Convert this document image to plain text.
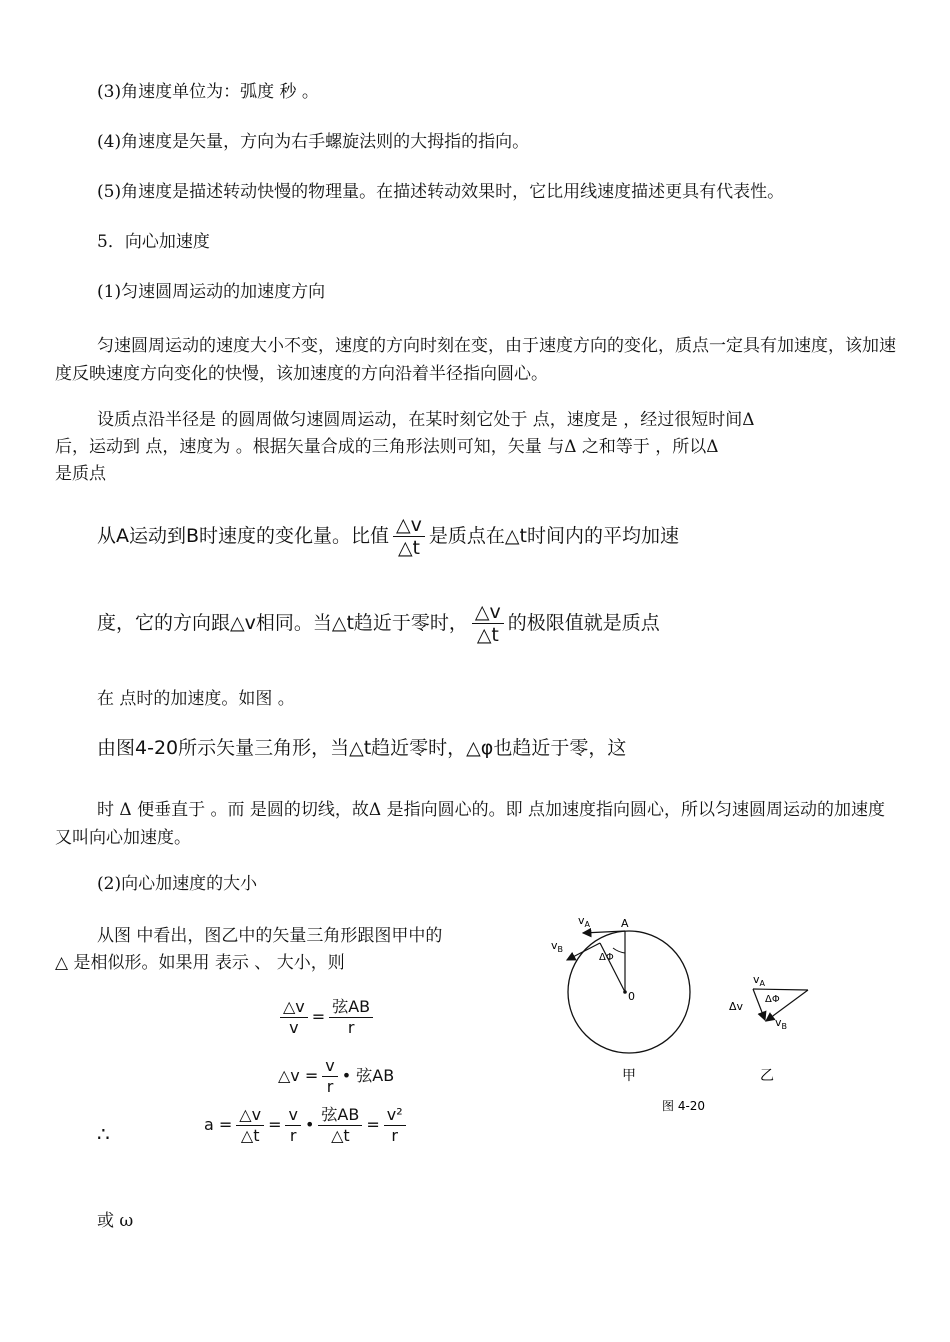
(3)角速度单位为：弧度 秒 。
(4)角速度是矢量，方向为右手螺旋法则的大拇指的指向。
(5)角速度是描述转动快慢的物理量。在描述转动效果时，它比用线速度描述更具有代表性。
5．向心加速度
(1)匀速圆周运动的加速度方向
匀速圆周运动的速度大小不变，速度的方向时刻在变，由于速度方向的变化，质点一定具有加速度，该加速度反映速度方向变化的快慢，该加速度的方向沿着半径指向圆心。
设质点沿半径是 的圆周做匀速圆周运动，在某时刻它处于 点，速度是 ，经过很短时间Δ
后，运动到 点，速度为 。根据矢量合成的三角形法则可知，矢量 与Δ 之和等于 ，所以Δ
是质点
从A运动到B时速度的变化量。比值 $\frac{\triangle v}{\triangle t}$ 是质点在△t时间内的平均加速
度，它的方向跟△v相同。当△t趋近于零时， $\frac{\triangle v}{\triangle t}$ 的极限值就是质点
在 点时的加速度。如图 。
由图4-20所示矢量三角形，当△t趋近零时，△φ也趋近于零，这
时 Δ 便垂直于 。而 是圆的切线，故Δ 是指向圆心的。即 点加速度指向圆心，所以匀速圆周运动的加速度又叫向心加速度。
(2)向心加速度的大小
从图 中看出，图乙中的矢量三角形跟图甲中的
△ 是相似形。如果用 表示 、 大小，则
$\frac{\triangle v}{v} = \frac{\text{弦AB}}{r}$
△v = $\frac{v}{r}$ • 弦AB
∴	$a = \frac{\triangle v}{\triangle t} = \frac{v}{r}$ • $\frac{\text{弦AB}}{\triangle t} = \frac{\text{v²}}{r}$
或 ω
$v_A$
$v_B$
A
ΔΦ
0
甲
$v_A$
ΔΦ
Δv
$v_B$
乙
图 4-20
